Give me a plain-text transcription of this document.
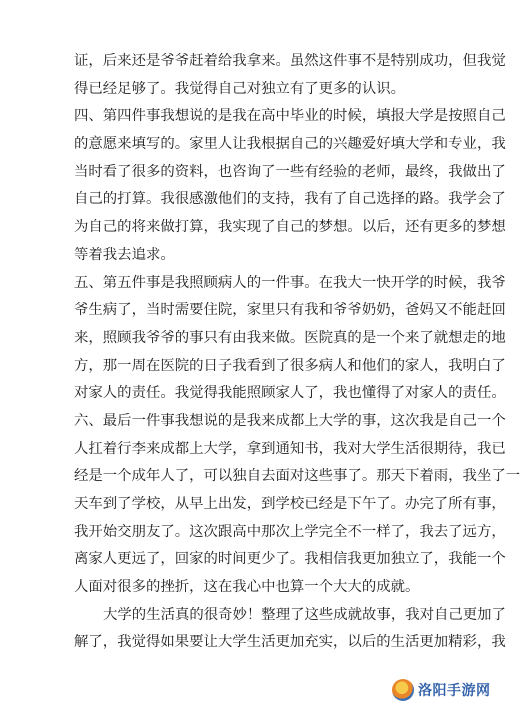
证，后来还是爷爷赶着给我拿来。虽然这件事不是特别成功，但我觉
得已经足够了。我觉得自己对独立有了更多的认识。
四、第四件事我想说的是我在高中毕业的时候，填报大学是按照自己
的意愿来填写的。家里人让我根据自己的兴趣爱好填大学和专业，我
当时看了很多的资料，也咨询了一些有经验的老师，最终，我做出了
自己的打算。我很感激他们的支持，我有了自己选择的路。我学会了
为自己的将来做打算，我实现了自己的梦想。以后，还有更多的梦想
等着我去追求。
五、第五件事是我照顾病人的一件事。在我大一快开学的时候，我爷
爷生病了，当时需要住院，家里只有我和爷爷奶奶，爸妈又不能赶回
来，照顾我爷爷的事只有由我来做。医院真的是一个来了就想走的地
方，那一周在医院的日子我看到了很多病人和他们的家人，我明白了
对家人的责任。我觉得我能照顾家人了，我也懂得了对家人的责任。
六、最后一件事我想说的是我来成都上大学的事，这次我是自己一个
人扛着行李来成都上大学，拿到通知书，我对大学生活很期待，我已
经是一个成年人了，可以独自去面对这些事了。那天下着雨，我坐了一
天车到了学校，从早上出发，到学校已经是下午了。办完了所有事，
我开始交朋友了。这次跟高中那次上学完全不一样了，我去了远方，
离家人更远了，回家的时间更少了。我相信我更加独立了，我能一个
人面对很多的挫折，这在我心中也算一个大大的成就。
大学的生活真的很奇妙！整理了这些成就故事，我对自己更加了
解了，我觉得如果要让大学生活更加充实，以后的生活更加精彩，我
洛阳手游网
